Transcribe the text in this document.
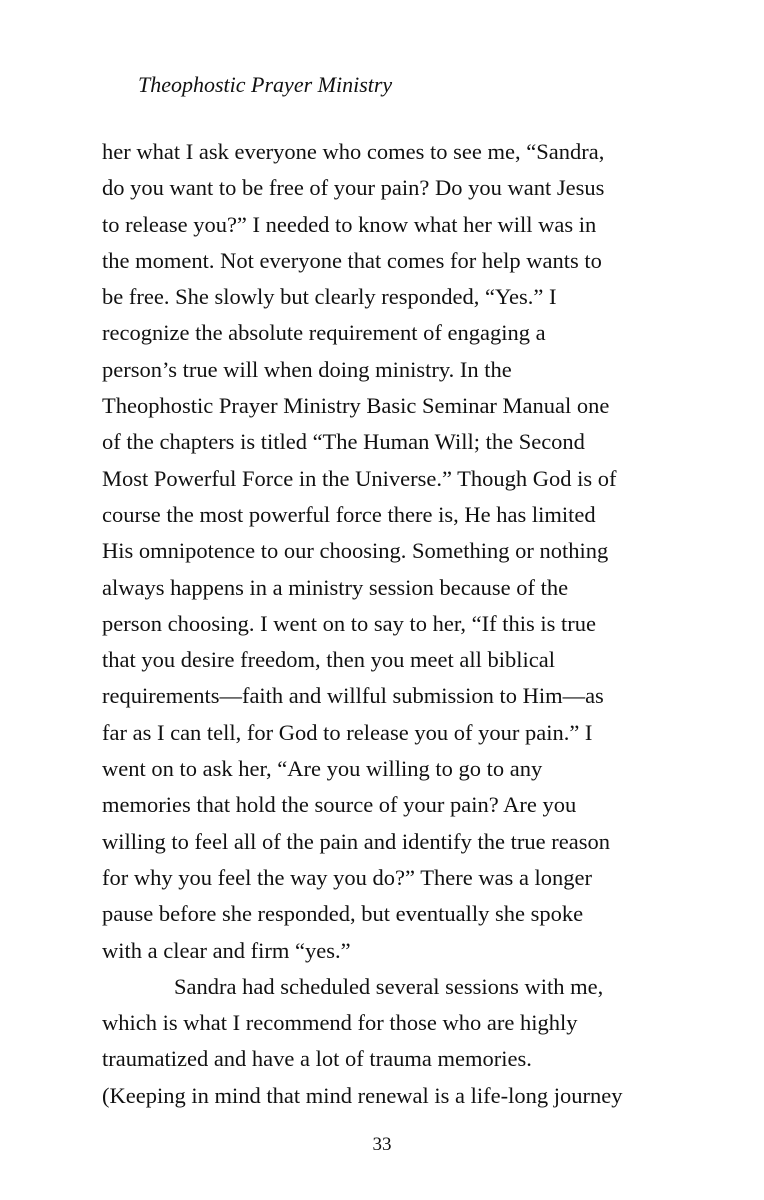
Theophostic Prayer Ministry
her what I ask everyone who comes to see me, “Sandra,
do you want to be free of your pain? Do you want Jesus
to release you?” I needed to know what her will was in
the moment. Not everyone that comes for help wants to
be free. She slowly but clearly responded, “Yes.” I
recognize the absolute requirement of engaging a
person’s true will when doing ministry. In the
Theophostic Prayer Ministry Basic Seminar Manual one
of the chapters is titled “The Human Will; the Second
Most Powerful Force in the Universe.” Though God is of
course the most powerful force there is, He has limited
His omnipotence to our choosing. Something or nothing
always happens in a ministry session because of the
person choosing. I went on to say to her, “If this is true
that you desire freedom, then you meet all biblical
requirements—faith and willful submission to Him—as
far as I can tell, for God to release you of your pain.” I
went on to ask her, “Are you willing to go to any
memories that hold the source of your pain? Are you
willing to feel all of the pain and identify the true reason
for why you feel the way you do?” There was a longer
pause before she responded, but eventually she spoke
with a clear and firm “yes.”
Sandra had scheduled several sessions with me,
which is what I recommend for those who are highly
traumatized and have a lot of trauma memories.
(Keeping in mind that mind renewal is a life-long journey
33
